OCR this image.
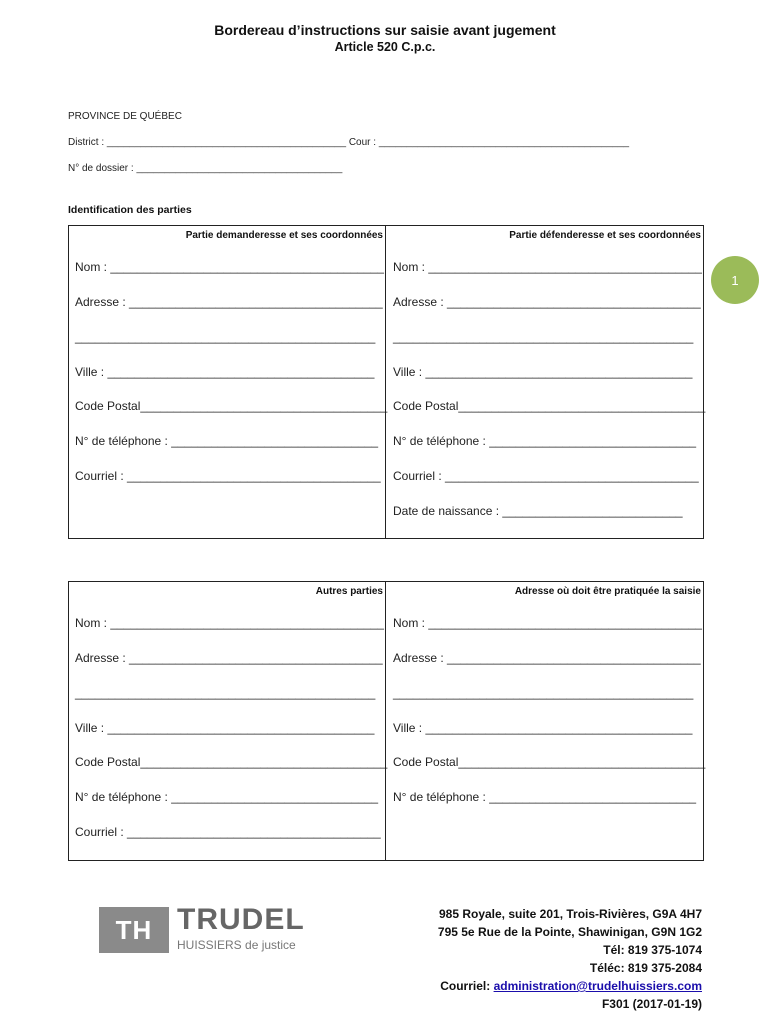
Bordereau d’instructions sur saisie avant jugement
Article 520 C.p.c.
PROVINCE DE QUÉBEC
District : ___________________________________________ Cour : _____________________________________________
N° de dossier : _____________________________________
Identification des parties
Partie demanderesse et ses coordonnées
Nom : _________________________________________
Adresse : ______________________________________
_____________________________________________
Ville : ________________________________________
Code Postal_____________________________________
N° de téléphone : _______________________________
Courriel : ______________________________________
Partie défenderesse et ses coordonnées
Nom : _________________________________________
Adresse : ______________________________________
_____________________________________________
Ville : ________________________________________
Code Postal_____________________________________
N° de téléphone : _______________________________
Courriel : ______________________________________
Date de naissance : ___________________________
Autres parties
Nom : _________________________________________
Adresse : ______________________________________
_____________________________________________
Ville : ________________________________________
Code Postal_____________________________________
N° de téléphone : _______________________________
Courriel : ______________________________________
Adresse où doit être pratiquée la saisie
Nom : _________________________________________
Adresse : ______________________________________
_____________________________________________
Ville : ________________________________________
Code Postal_____________________________________
N° de téléphone : _______________________________
1
TH TRUDEL
HUISSIERS de justice
985 Royale, suite 201, Trois-Rivières, G9A 4H7
795 5e Rue de la Pointe, Shawinigan, G9N 1G2
Tél: 819 375-1074
Téléc: 819 375-2084
Courriel: administration@trudelhuissiers.com
F301 (2017-01-19)
